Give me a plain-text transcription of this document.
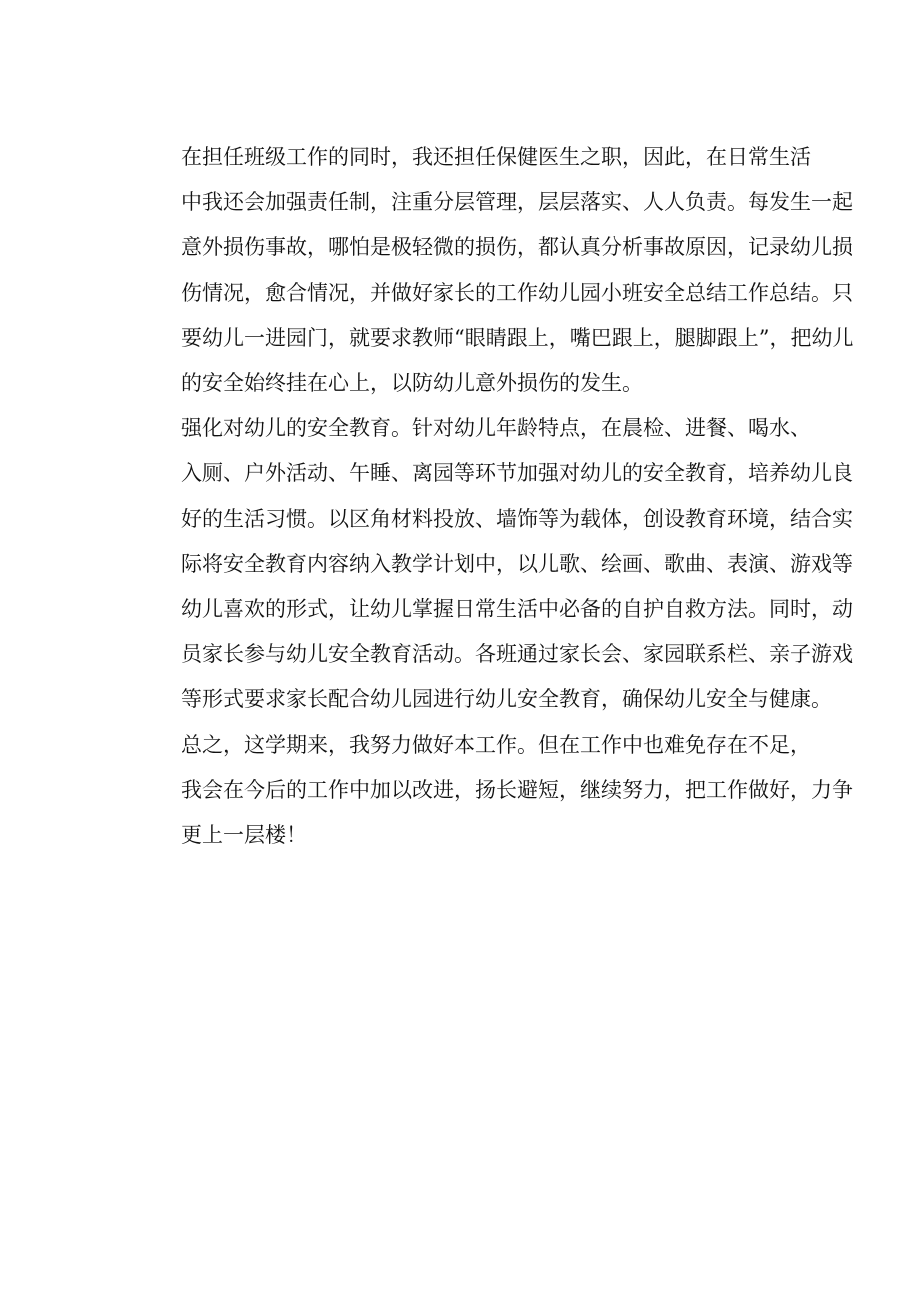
在担任班级工作的同时，我还担任保健医生之职，因此，在日常生活
中我还会加强责任制，注重分层管理，层层落实、人人负责。每发生一起
意外损伤事故，哪怕是极轻微的损伤，都认真分析事故原因，记录幼儿损
伤情况，愈合情况，并做好家长的工作幼儿园小班安全总结工作总结。只
要幼儿一进园门，就要求教师“眼睛跟上，嘴巴跟上，腿脚跟上”，把幼儿
的安全始终挂在心上，以防幼儿意外损伤的发生。

强化对幼儿的安全教育。针对幼儿年龄特点，在晨检、进餐、喝水、
入厕、户外活动、午睡、离园等环节加强对幼儿的安全教育，培养幼儿良
好的生活习惯。以区角材料投放、墙饰等为载体，创设教育环境，结合实
际将安全教育内容纳入教学计划中，以儿歌、绘画、歌曲、表演、游戏等
幼儿喜欢的形式，让幼儿掌握日常生活中必备的自护自救方法。同时，动
员家长参与幼儿安全教育活动。各班通过家长会、家园联系栏、亲子游戏
等形式要求家长配合幼儿园进行幼儿安全教育，确保幼儿安全与健康。

总之，这学期来，我努力做好本工作。但在工作中也难免存在不足，
我会在今后的工作中加以改进，扬长避短，继续努力，把工作做好，力争
更上一层楼！
